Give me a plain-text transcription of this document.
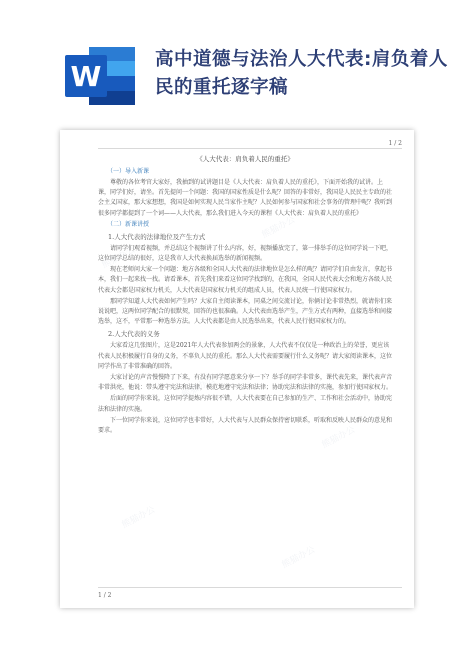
W
高中道德与法治人大代表:肩负着人民的重托逐字稿
1 / 2
《人大代表：肩负着人民的重托》
（一）导入新课
尊敬的各位考官大家好，我抽到的试讲题目是《人大代表：肩负着人民的重托》，下面开始我的试讲。上课，同学们好，请坐。首先提问一个问题：我国的国家性质是什么呢？回答的非常好，我国是人民民主专政的社会主义国家，那大家想想，我国是如何实现人民当家作主呢？人民如何参与国家和社会事务的管理中呢？我听到很多同学都提到了一个词——人大代表，那么我们进入今天的课程《人大代表：肩负着人民的重托》
（二）新课讲授
1.人大代表的法律地位及产生方式
请同学们观看视频，并总结这个视频讲了什么内容，好，视频播放完了，第一排举手的这位同学说一下吧，这位同学总结的很好，这是我市人大代表换届选举的新闻视频。
现在老师问大家一个问题：地方各级和全国人大代表的法律地位是怎么样的呢？请同学们自由发言，拿起书本，我们一起来找一找。请看课本，首先我们来看这位同学找到的，在我国，全国人民代表大会和地方各级人民代表大会都是国家权力机关，人大代表是国家权力机关的组成人员，代表人民统一行使国家权力。
那同学知道人大代表如何产生吗？大家自主阅读课本，同桌之间交流讨论，你俩讨论非常热烈，就请你们来说说吧，这两位同学配合的很默契，回答的也很准确。人大代表由选举产生，产生方式有两种，直接选举和间接选举，这不，平常那一种选举方法。人大代表都是由人民选举出来，代表人民行使国家权力的。
2.人大代表的义务
大家看这几张图片，这是2021年人大代表参加两会的景象，人大代表不仅仅是一种政治上的荣誉，更应该代表人民积极履行自身的义务，不辜负人民的重托。那么人大代表需要履行什么义务呢？请大家阅读课本，这位同学作出了非常准确的回答。
大家讨论的声音慢慢降了下来，有没有同学愿意来分享一下？举手的同学非常多，课代表先来，课代表声音非常洪亮，他说：带头遵守宪法和法律，模范地遵守宪法和法律；协助宪法和法律的实施，参加行使国家权力。
后面的同学你来说，这位同学提炼内容很不错，人大代表要在自己参加的生产、工作和社会活动中，协助宪法和法律的实施。
下一位同学你来说，这位同学也非常好，人大代表与人民群众保持密切联系，听取和反映人民群众的意见和要求。
1 / 2
熊猫办公
熊猫办公
熊猫办公
熊猫办公
熊猫办公
熊猫办公
